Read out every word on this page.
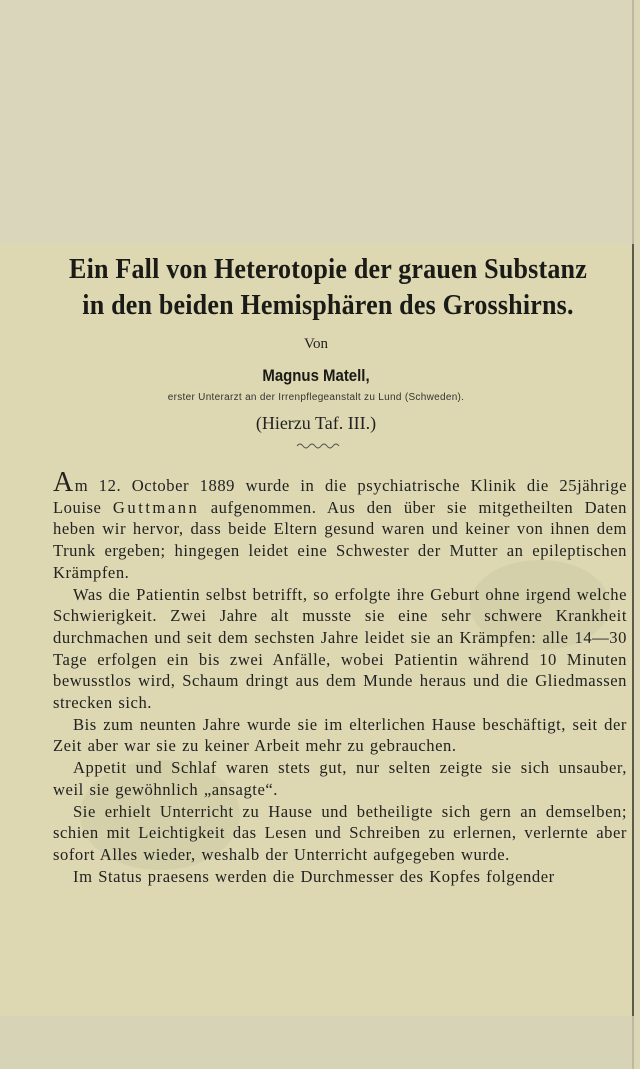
Ein Fall von Heterotopie der grauen Substanz
in den beiden Hemisphären des Grosshirns.
Von
Magnus Matell,
erster Unterarzt an der Irrenpflegeanstalt zu Lund (Schweden).
(Hierzu Taf. III.)

Am 12. October 1889 wurde in die psychiatrische Klinik die 25jährige Louise Guttmann aufgenommen. Aus den über sie mitgetheilten Daten heben wir hervor, dass beide Eltern gesund waren und keiner von ihnen dem Trunk ergeben; hingegen leidet eine Schwester der Mutter an epileptischen Krämpfen.

Was die Patientin selbst betrifft, so erfolgte ihre Geburt ohne irgend welche Schwierigkeit. Zwei Jahre alt musste sie eine sehr schwere Krankheit durchmachen und seit dem sechsten Jahre leidet sie an Krämpfen: alle 14—30 Tage erfolgen ein bis zwei Anfälle, wobei Patientin während 10 Minuten bewusstlos wird, Schaum dringt aus dem Munde heraus und die Gliedmassen strecken sich.

Bis zum neunten Jahre wurde sie im elterlichen Hause beschäftigt, seit der Zeit aber war sie zu keiner Arbeit mehr zu gebrauchen.

Appetit und Schlaf waren stets gut, nur selten zeigte sie sich unsauber, weil sie gewöhnlich „ansagte“.

Sie erhielt Unterricht zu Hause und betheiligte sich gern an demselben; schien mit Leichtigkeit das Lesen und Schreiben zu erlernen, verlernte aber sofort Alles wieder, weshalb der Unterricht aufgegeben wurde.

Im Status praesens werden die Durchmesser des Kopfes folgender
